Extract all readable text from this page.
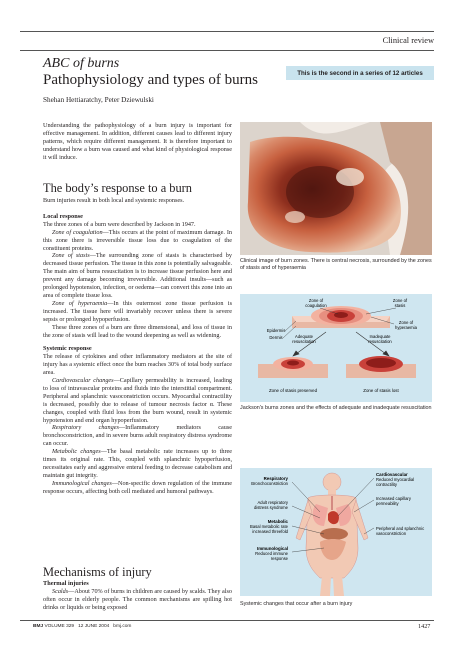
Clinical review
ABC of burns
Pathophysiology and types of burns
Shehan Hettiaratchy, Peter Dziewulski
This is the second in a series of 12 articles

Understanding the pathophysiology of a burn injury is important for effective management. In addition, different causes lead to different injury patterns, which require different management. It is therefore important to understand how a burn was caused and what kind of physiological response it will induce.

The body’s response to a burn

Burn injuries result in both local and systemic responses.

Local response

The three zones of a burn were described by Jackson in 1947.

Zone of coagulation—This occurs at the point of maximum damage. In this zone there is irreversible tissue loss due to coagulation of the constituent proteins.

Zone of stasis—The surrounding zone of stasis is characterised by decreased tissue perfusion. The tissue in this zone is potentially salvageable. The main aim of burns resuscitation is to increase tissue perfusion here and prevent any damage becoming irreversible. Additional insults—such as prolonged hypotension, infection, or oedema—can convert this zone into an area of complete tissue loss.

Zone of hyperaemia—In this outermost zone tissue perfusion is increased. The tissue here will invariably recover unless there is severe sepsis or prolonged hypoperfusion.

These three zones of a burn are three dimensional, and loss of tissue in the zone of stasis will lead to the wound deepening as well as widening.

Systemic response

The release of cytokines and other inflammatory mediators at the site of injury has a systemic effect once the burn reaches 30% of total body surface area.

Cardiovascular changes—Capillary permeability is increased, leading to loss of intravascular proteins and fluids into the interstitial compartment. Peripheral and splanchnic vasoconstriction occurs. Myocardial contractility is decreased, possibly due to release of tumour necrosis factor α. These changes, coupled with fluid loss from the burn wound, result in systemic hypotension and end organ hypoperfusion.

Respiratory changes—Inflammatory mediators cause bronchoconstriction, and in severe burns adult respiratory distress syndrome can occur.

Metabolic changes—The basal metabolic rate increases up to three times its original rate. This, coupled with splanchnic hypoperfusion, necessitates early and aggressive enteral feeding to decrease catabolism and maintain gut integrity.

Immunological changes—Non-specific down regulation of the immune response occurs, affecting both cell mediated and humoral pathways.

Mechanisms of injury
Thermal injuries

Scalds—About 70% of burns in children are caused by scalds. They also often occur in elderly people. The common mechanisms are spilling hot drinks or liquids or being exposed

Clinical image of burn zones. There is central necrosis, surrounded by the zones of stasis and of hyperaemia
Zone of
coagulation
Zone of
stasis
Zone of
hyperaemia
Epidermis
Dermis	Adequate
resuscitation
Inadequate
resuscitation
Zone of stasis preserved	Zone of stasis lost
Jackson's burns zones and the effects of adequate and inadequate resuscitation
Respiratory
Bronchoconstriction
Adult respiratory
distress syndrome
Metabolic
Basal metabolic rate
increased threefold
Immunological
Reduced immune
response
Cardiovascular
Reduced myocardial
contractility
Increased capillary
permeability
Peripheral and splanchnic
vasoconstriction
Systemic changes that occur after a burn injury
BMJ VOLUME 329 12 JUNE 2004 bmj.com	1427
